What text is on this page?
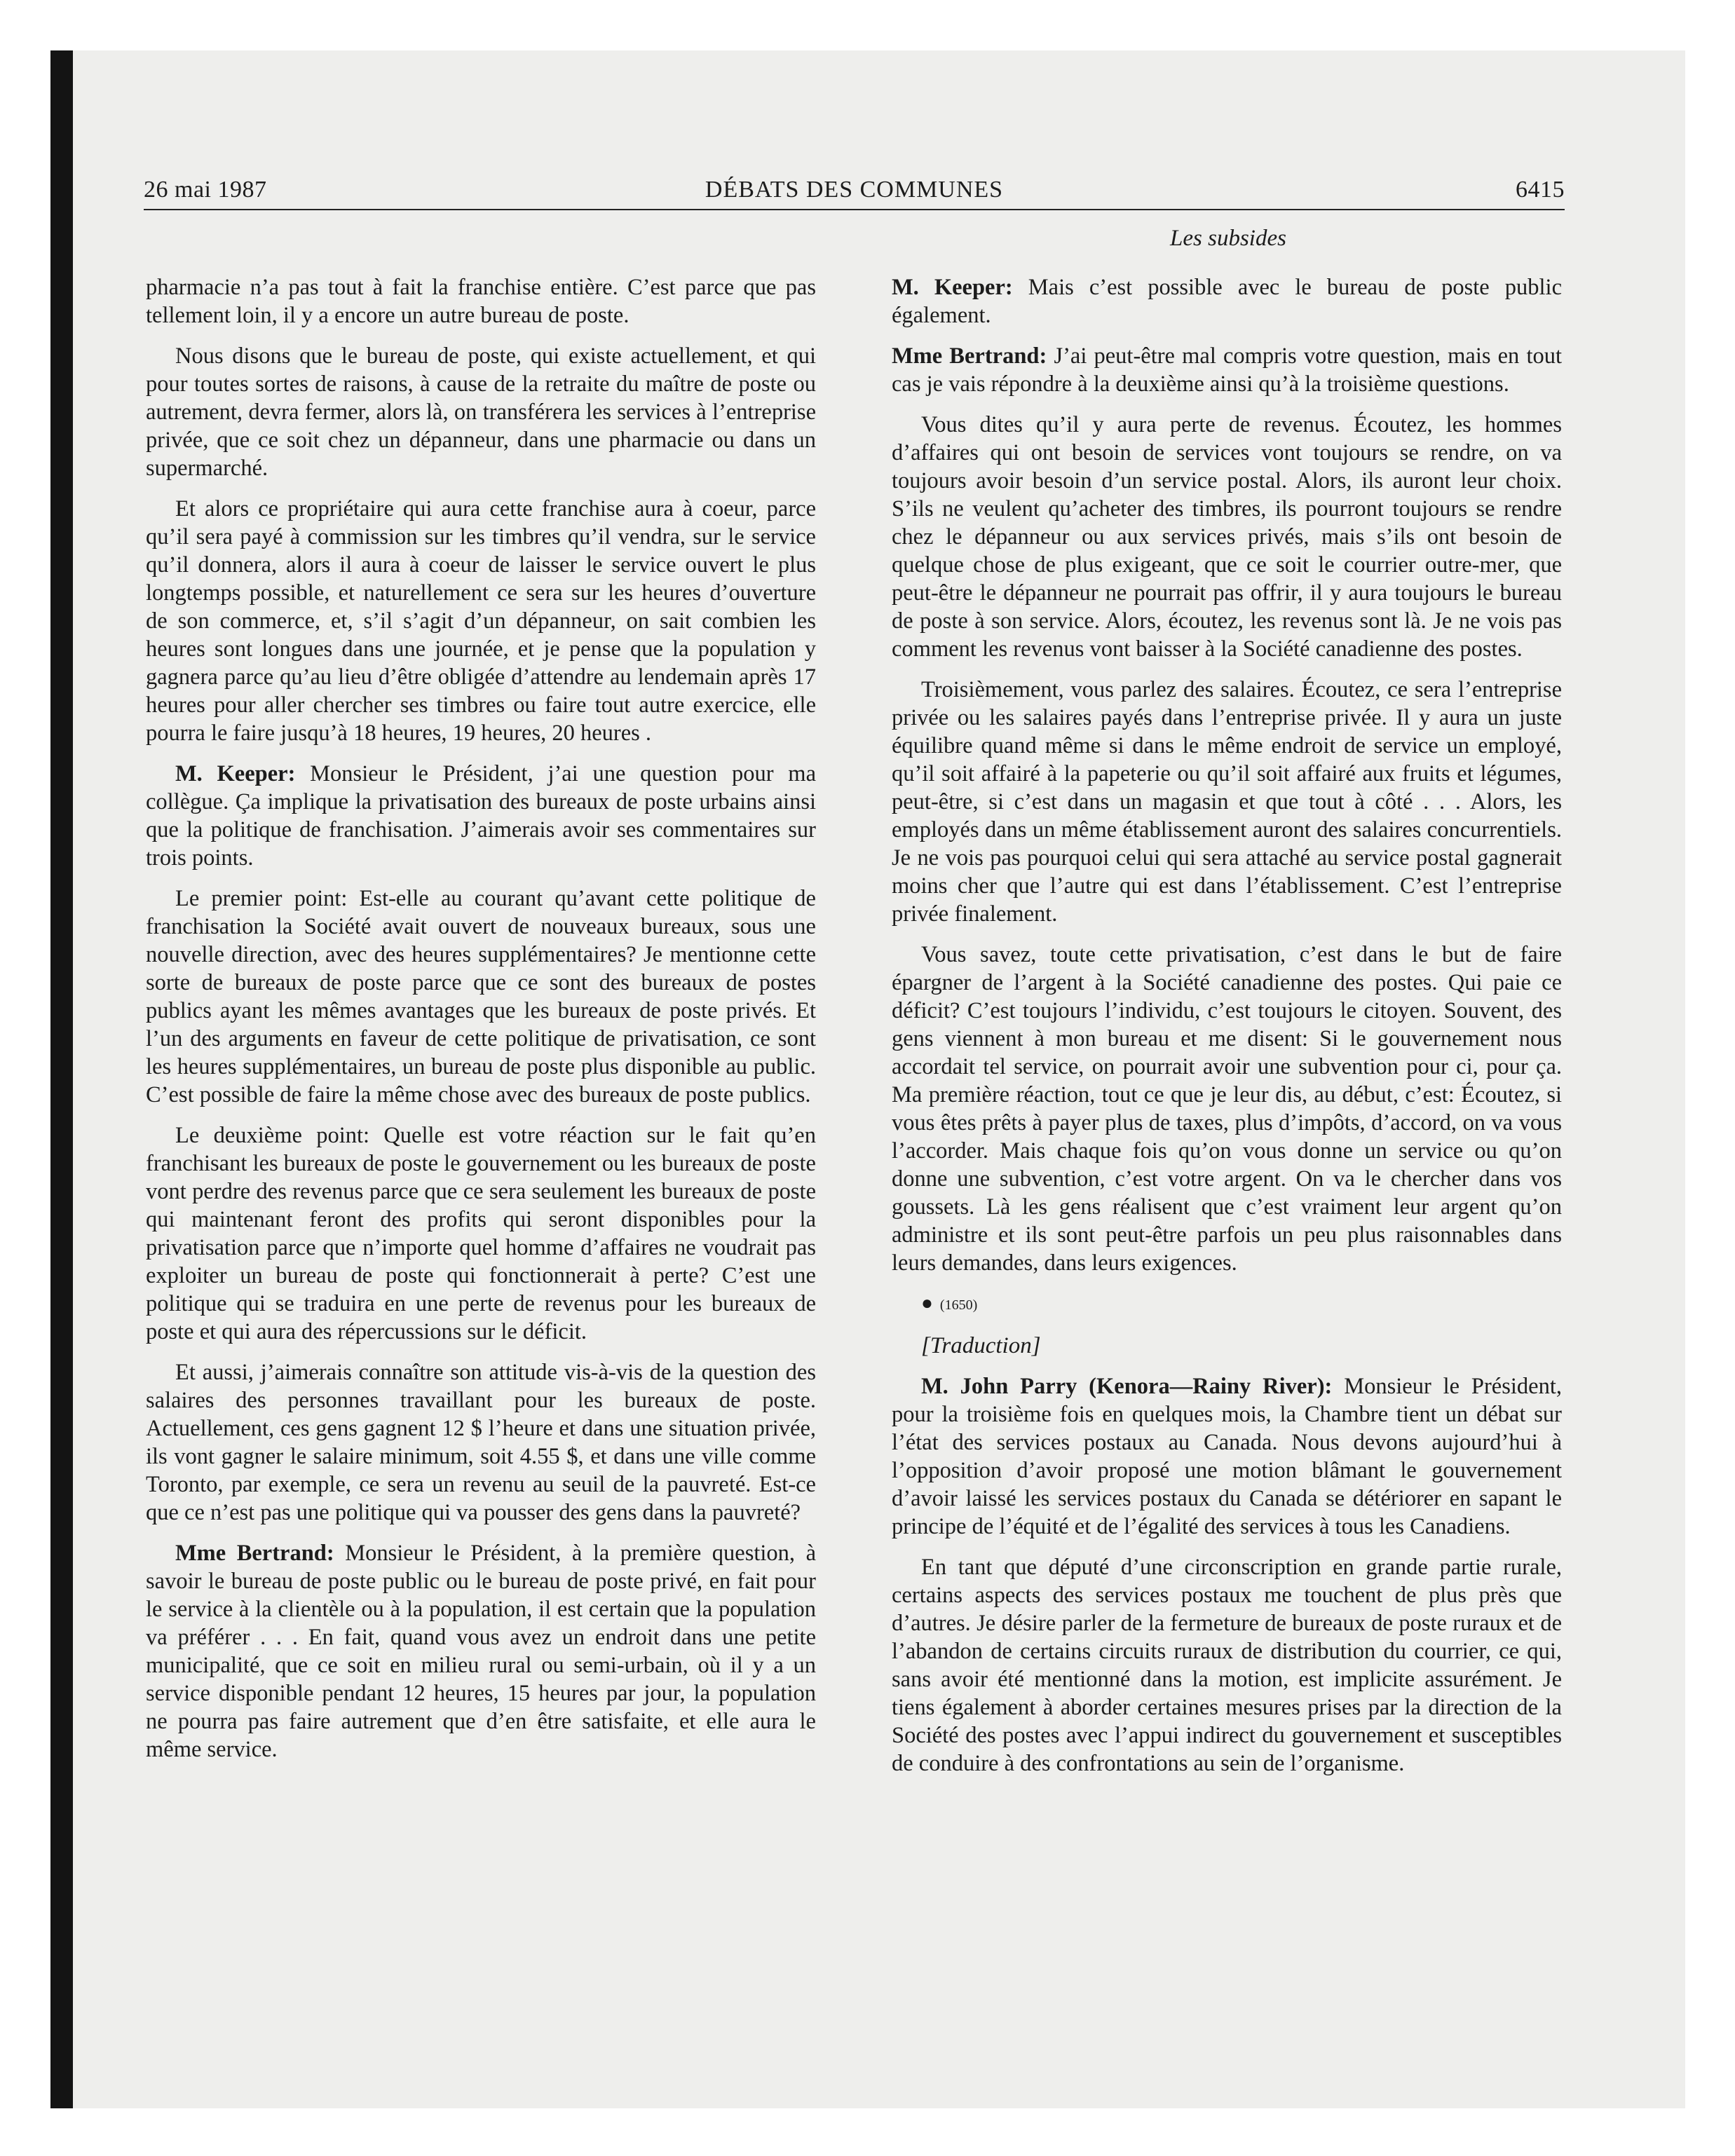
26 mai 1987	DÉBATS DES COMMUNES	6415
Les subsides

pharmacie n’a pas tout à fait la franchise entière. C’est parce que pas tellement loin, il y a encore un autre bureau de poste.

Nous disons que le bureau de poste, qui existe actuellement, et qui pour toutes sortes de raisons, à cause de la retraite du maître de poste ou autrement, devra fermer, alors là, on transférera les services à l’entreprise privée, que ce soit chez un dépanneur, dans une pharmacie ou dans un supermarché.

Et alors ce propriétaire qui aura cette franchise aura à coeur, parce qu’il sera payé à commission sur les timbres qu’il vendra, sur le service qu’il donnera, alors il aura à coeur de laisser le service ouvert le plus longtemps possible, et naturellement ce sera sur les heures d’ouverture de son commerce, et, s’il s’agit d’un dépanneur, on sait combien les heures sont longues dans une journée, et je pense que la population y gagnera parce qu’au lieu d’être obligée d’attendre au lendemain après 17 heures pour aller chercher ses timbres ou faire tout autre exercice, elle pourra le faire jusqu’à 18 heures, 19 heures, 20 heures .

M. Keeper: Monsieur le Président, j’ai une question pour ma collègue. Ça implique la privatisation des bureaux de poste urbains ainsi que la politique de franchisation. J’aimerais avoir ses commentaires sur trois points.

Le premier point: Est-elle au courant qu’avant cette politique de franchisation la Société avait ouvert de nouveaux bureaux, sous une nouvelle direction, avec des heures supplémentaires? Je mentionne cette sorte de bureaux de poste parce que ce sont des bureaux de postes publics ayant les mêmes avantages que les bureaux de poste privés. Et l’un des arguments en faveur de cette politique de privatisation, ce sont les heures supplémentaires, un bureau de poste plus disponible au public. C’est possible de faire la même chose avec des bureaux de poste publics.

Le deuxième point: Quelle est votre réaction sur le fait qu’en franchisant les bureaux de poste le gouvernement ou les bureaux de poste vont perdre des revenus parce que ce sera seulement les bureaux de poste qui maintenant feront des profits qui seront disponibles pour la privatisation parce que n’importe quel homme d’affaires ne voudrait pas exploiter un bureau de poste qui fonctionnerait à perte? C’est une politique qui se traduira en une perte de revenus pour les bureaux de poste et qui aura des répercussions sur le déficit.

Et aussi, j’aimerais connaître son attitude vis-à-vis de la question des salaires des personnes travaillant pour les bureaux de poste. Actuellement, ces gens gagnent 12 $ l’heure et dans une situation privée, ils vont gagner le salaire minimum, soit 4.55 $, et dans une ville comme Toronto, par exemple, ce sera un revenu au seuil de la pauvreté. Est-ce que ce n’est pas une politique qui va pousser des gens dans la pauvreté?

Mme Bertrand: Monsieur le Président, à la première question, à savoir le bureau de poste public ou le bureau de poste privé, en fait pour le service à la clientèle ou à la population, il est certain que la population va préférer . . . En fait, quand vous avez un endroit dans une petite municipalité, que ce soit en milieu rural ou semi-urbain, où il y a un service disponible pendant 12 heures, 15 heures par jour, la population ne pourra pas faire autrement que d’en être satisfaite, et elle aura le même service.

M. Keeper: Mais c’est possible avec le bureau de poste public également.

Mme Bertrand: J’ai peut-être mal compris votre question, mais en tout cas je vais répondre à la deuxième ainsi qu’à la troisième questions.

Vous dites qu’il y aura perte de revenus. Écoutez, les hommes d’affaires qui ont besoin de services vont toujours se rendre, on va toujours avoir besoin d’un service postal. Alors, ils auront leur choix. S’ils ne veulent qu’acheter des timbres, ils pourront toujours se rendre chez le dépanneur ou aux services privés, mais s’ils ont besoin de quelque chose de plus exigeant, que ce soit le courrier outre-mer, que peut-être le dépanneur ne pourrait pas offrir, il y aura toujours le bureau de poste à son service. Alors, écoutez, les revenus sont là. Je ne vois pas comment les revenus vont baisser à la Société canadienne des postes.

Troisièmement, vous parlez des salaires. Écoutez, ce sera l’entreprise privée ou les salaires payés dans l’entreprise privée. Il y aura un juste équilibre quand même si dans le même endroit de service un employé, qu’il soit affairé à la papeterie ou qu’il soit affairé aux fruits et légumes, peut-être, si c’est dans un magasin et que tout à côté . . . Alors, les employés dans un même établissement auront des salaires concurrentiels. Je ne vois pas pourquoi celui qui sera attaché au service postal gagnerait moins cher que l’autre qui est dans l’établissement. C’est l’entreprise privée finalement.

Vous savez, toute cette privatisation, c’est dans le but de faire épargner de l’argent à la Société canadienne des postes. Qui paie ce déficit? C’est toujours l’individu, c’est toujours le citoyen. Souvent, des gens viennent à mon bureau et me disent: Si le gouvernement nous accordait tel service, on pourrait avoir une subvention pour ci, pour ça. Ma première réaction, tout ce que je leur dis, au début, c’est: Écoutez, si vous êtes prêts à payer plus de taxes, plus d’impôts, d’accord, on va vous l’accorder. Mais chaque fois qu’on vous donne un service ou qu’on donne une subvention, c’est votre argent. On va le chercher dans vos goussets. Là les gens réalisent que c’est vraiment leur argent qu’on administre et ils sont peut-être parfois un peu plus raisonnables dans leurs demandes, dans leurs exigences.

● (1650)

[Traduction]

M. John Parry (Kenora—Rainy River): Monsieur le Président, pour la troisième fois en quelques mois, la Chambre tient un débat sur l’état des services postaux au Canada. Nous devons aujourd’hui à l’opposition d’avoir proposé une motion blâmant le gouvernement d’avoir laissé les services postaux du Canada se détériorer en sapant le principe de l’équité et de l’égalité des services à tous les Canadiens.

En tant que député d’une circonscription en grande partie rurale, certains aspects des services postaux me touchent de plus près que d’autres. Je désire parler de la fermeture de bureaux de poste ruraux et de l’abandon de certains circuits ruraux de distribution du courrier, ce qui, sans avoir été mentionné dans la motion, est implicite assurément. Je tiens également à aborder certaines mesures prises par la direction de la Société des postes avec l’appui indirect du gouvernement et susceptibles de conduire à des confrontations au sein de l’organisme.
